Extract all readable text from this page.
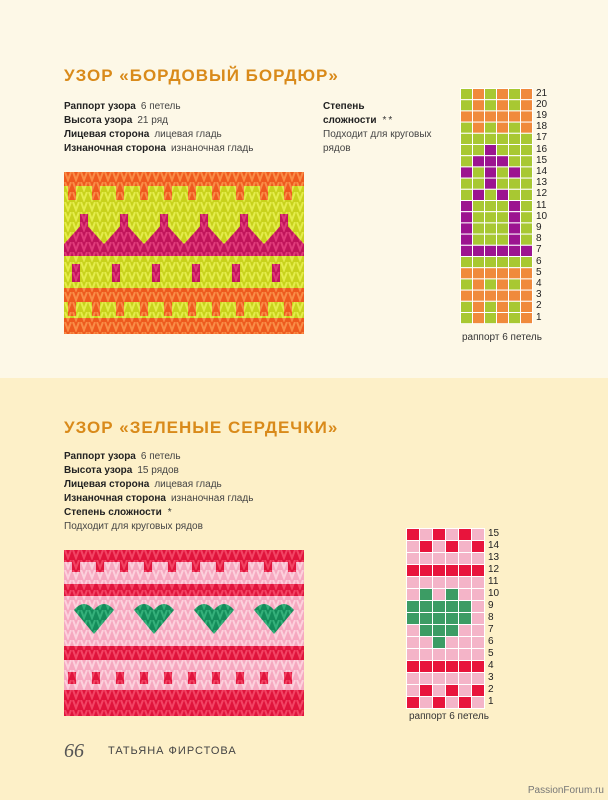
УЗОР «БОРДОВЫЙ БОРДЮР»
Раппорт узора 6 петель
Высота узора 21 ряд
Лицевая сторона лицевая гладь
Изнаночная сторона изнаночная гладь
Степень
сложности **
Подходит для круговых
рядов
раппорт 6 петель
21
20
19
18
17
16
15
14
13
12
11
10
9
8
7
6
5
4
3
2
1
УЗОР «ЗЕЛЕНЫЕ СЕРДЕЧКИ»
Раппорт узора 6 петель
Высота узора 15 рядов
Лицевая сторона лицевая гладь
Изнаночная сторона изнаночная гладь
Степень сложности *
Подходит для круговых рядов
раппорт 6 петель
66 ТАТЬЯНА ФИРСТОВА
PassionForum.ru
15
14
13
12
11
10
9
8
7
6
5
4
3
2
1
